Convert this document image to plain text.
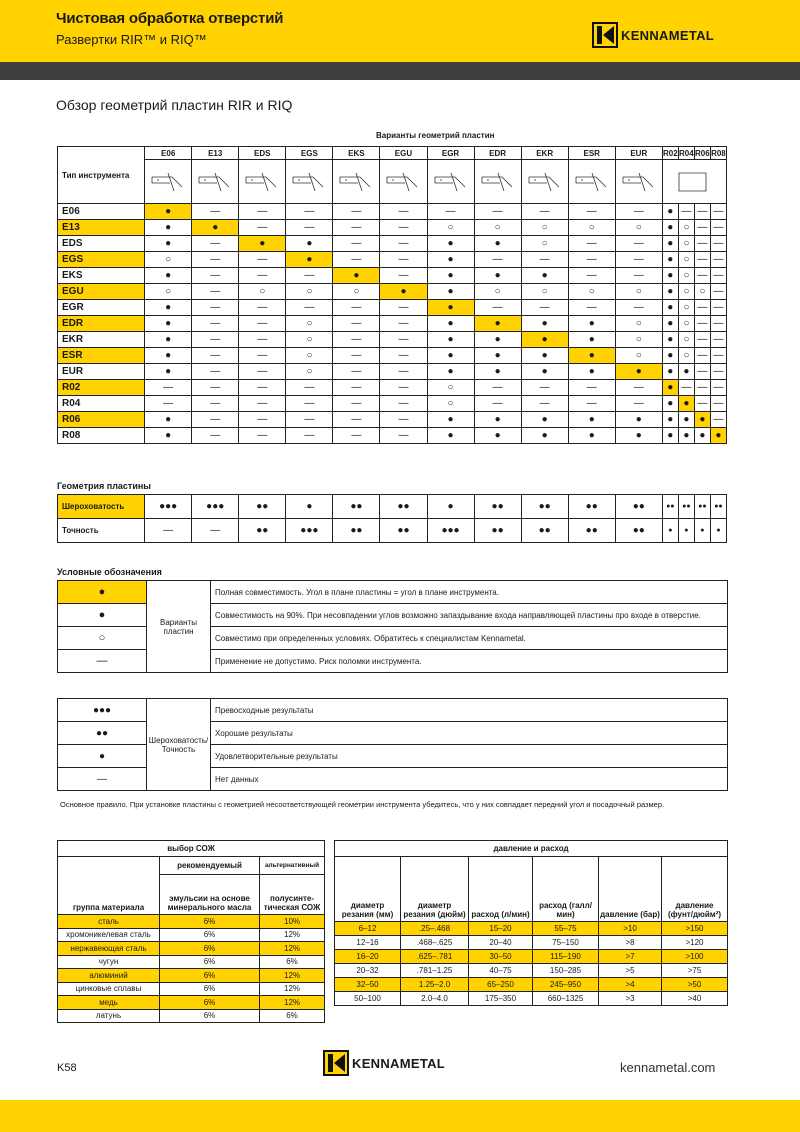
Чистовая обработка отверстий
Развертки RIR™ и RIQ™	KENNAMETAL
Обзор геометрий пластин RIR и RIQ
Варианты геометрий пластин
Тип инструмента	E06	E13	EDS	EGS	EKS	EGU	EGR	EDR	EKR	ESR	EUR	R02	R04	R06	R08

E06	●	—	—	—	—	—	—	—	—	—	—	●	—	—	—
E13	●	●	—	—	—	—	○	○	○	○	○	●	○	—	—
EDS	●	—	●	●	—	—	●	●	○	—	—	●	○	—	—
EGS	○	—	—	●	—	—	●	—	—	—	—	●	○	—	—
EKS	●	—	—	—	●	—	●	●	●	—	—	●	○	—	—
EGU	○	—	○	○	○	●	●	○	○	○	○	●	○	○	—
EGR	●	—	—	—	—	—	●	—	—	—	—	●	○	—	—
EDR	●	—	—	○	—	—	●	●	●	●	○	●	○	—	—
EKR	●	—	—	○	—	—	●	●	●	●	○	●	○	—	—
ESR	●	—	—	○	—	—	●	●	●	●	○	●	○	—	—
EUR	●	—	—	○	—	—	●	●	●	●	●	●	●	—	—
R02	—	—	—	—	—	—	○	—	—	—	—	●	—	—	—
R04	—	—	—	—	—	—	○	—	—	—	—	●	●	—	—
R06	●	—	—	—	—	—	●	●	●	●	●	●	●	●	—
R08	●	—	—	—	—	—	●	●	●	●	●	●	●	●	●
Геометрия пластины
Шероховатость	●●●	●●●	●●	●	●●	●●	●	●●	●●	●●	●●	●●	●●	●●	●●
Точность	—	—	●●	●●●	●●	●●	●●●	●●	●●	●●	●●	●	●	●	●
Условные обозначения
●	Варианты пластин	Полная совместимость. Угол в плане пластины = угол в плане инструмента.
●		Совместимость на 90%. При несовпадении углов возможно запаздывание входа направляющей пластины про входе в отверстие.
○		Совместимо при определенных условиях. Обратитесь к специалистам Kennametal.
—		Применение не допустимо. Риск поломки инструмента.
●●●	Шероховатость/ Точность	Превосходные результаты
●●		Хорошие результаты
●		Удовлетворительные результаты
—		Нет данных
Основное правило. При установке пластины с геометрией несоответствующей геометрии инструмента убедитесь, что у них совпадает передний угол и посадочный размер.
выбор СОЖ		
группа материала	рекомендуемый	альтернативный
	эмульсии на основе минерального масла	полусинте-тическая СОЖ
сталь	6%	10%
хромоникелевая сталь	6%	12%
нержавеющая сталь	6%	12%
чугун	6%	6%
алюминий	6%	12%
цинковые сплавы	6%	12%
медь	6%	12%
латунь	6%	6%
давление и расход					
диаметр резания (мм)	диаметр резания (дюйм)	расход (л/мин)	расход (галл/мин)	давление (бар)	давление (фунт/дюйм²)
6–12	.25–.468	15–20	55–75	>10	>150
12–16	.468–.625	20–40	75–150	>8	>120
16–20	.625–.781	30–50	115–190	>7	>100
20–32	.781–1.25	40–75	150–285	>5	>75
32–50	1.25–2.0	65–250	245–950	>4	>50
50–100	2.0–4.0	175–350	660–1325	>3	>40
K58	KENNAMETAL	kennametal.com
